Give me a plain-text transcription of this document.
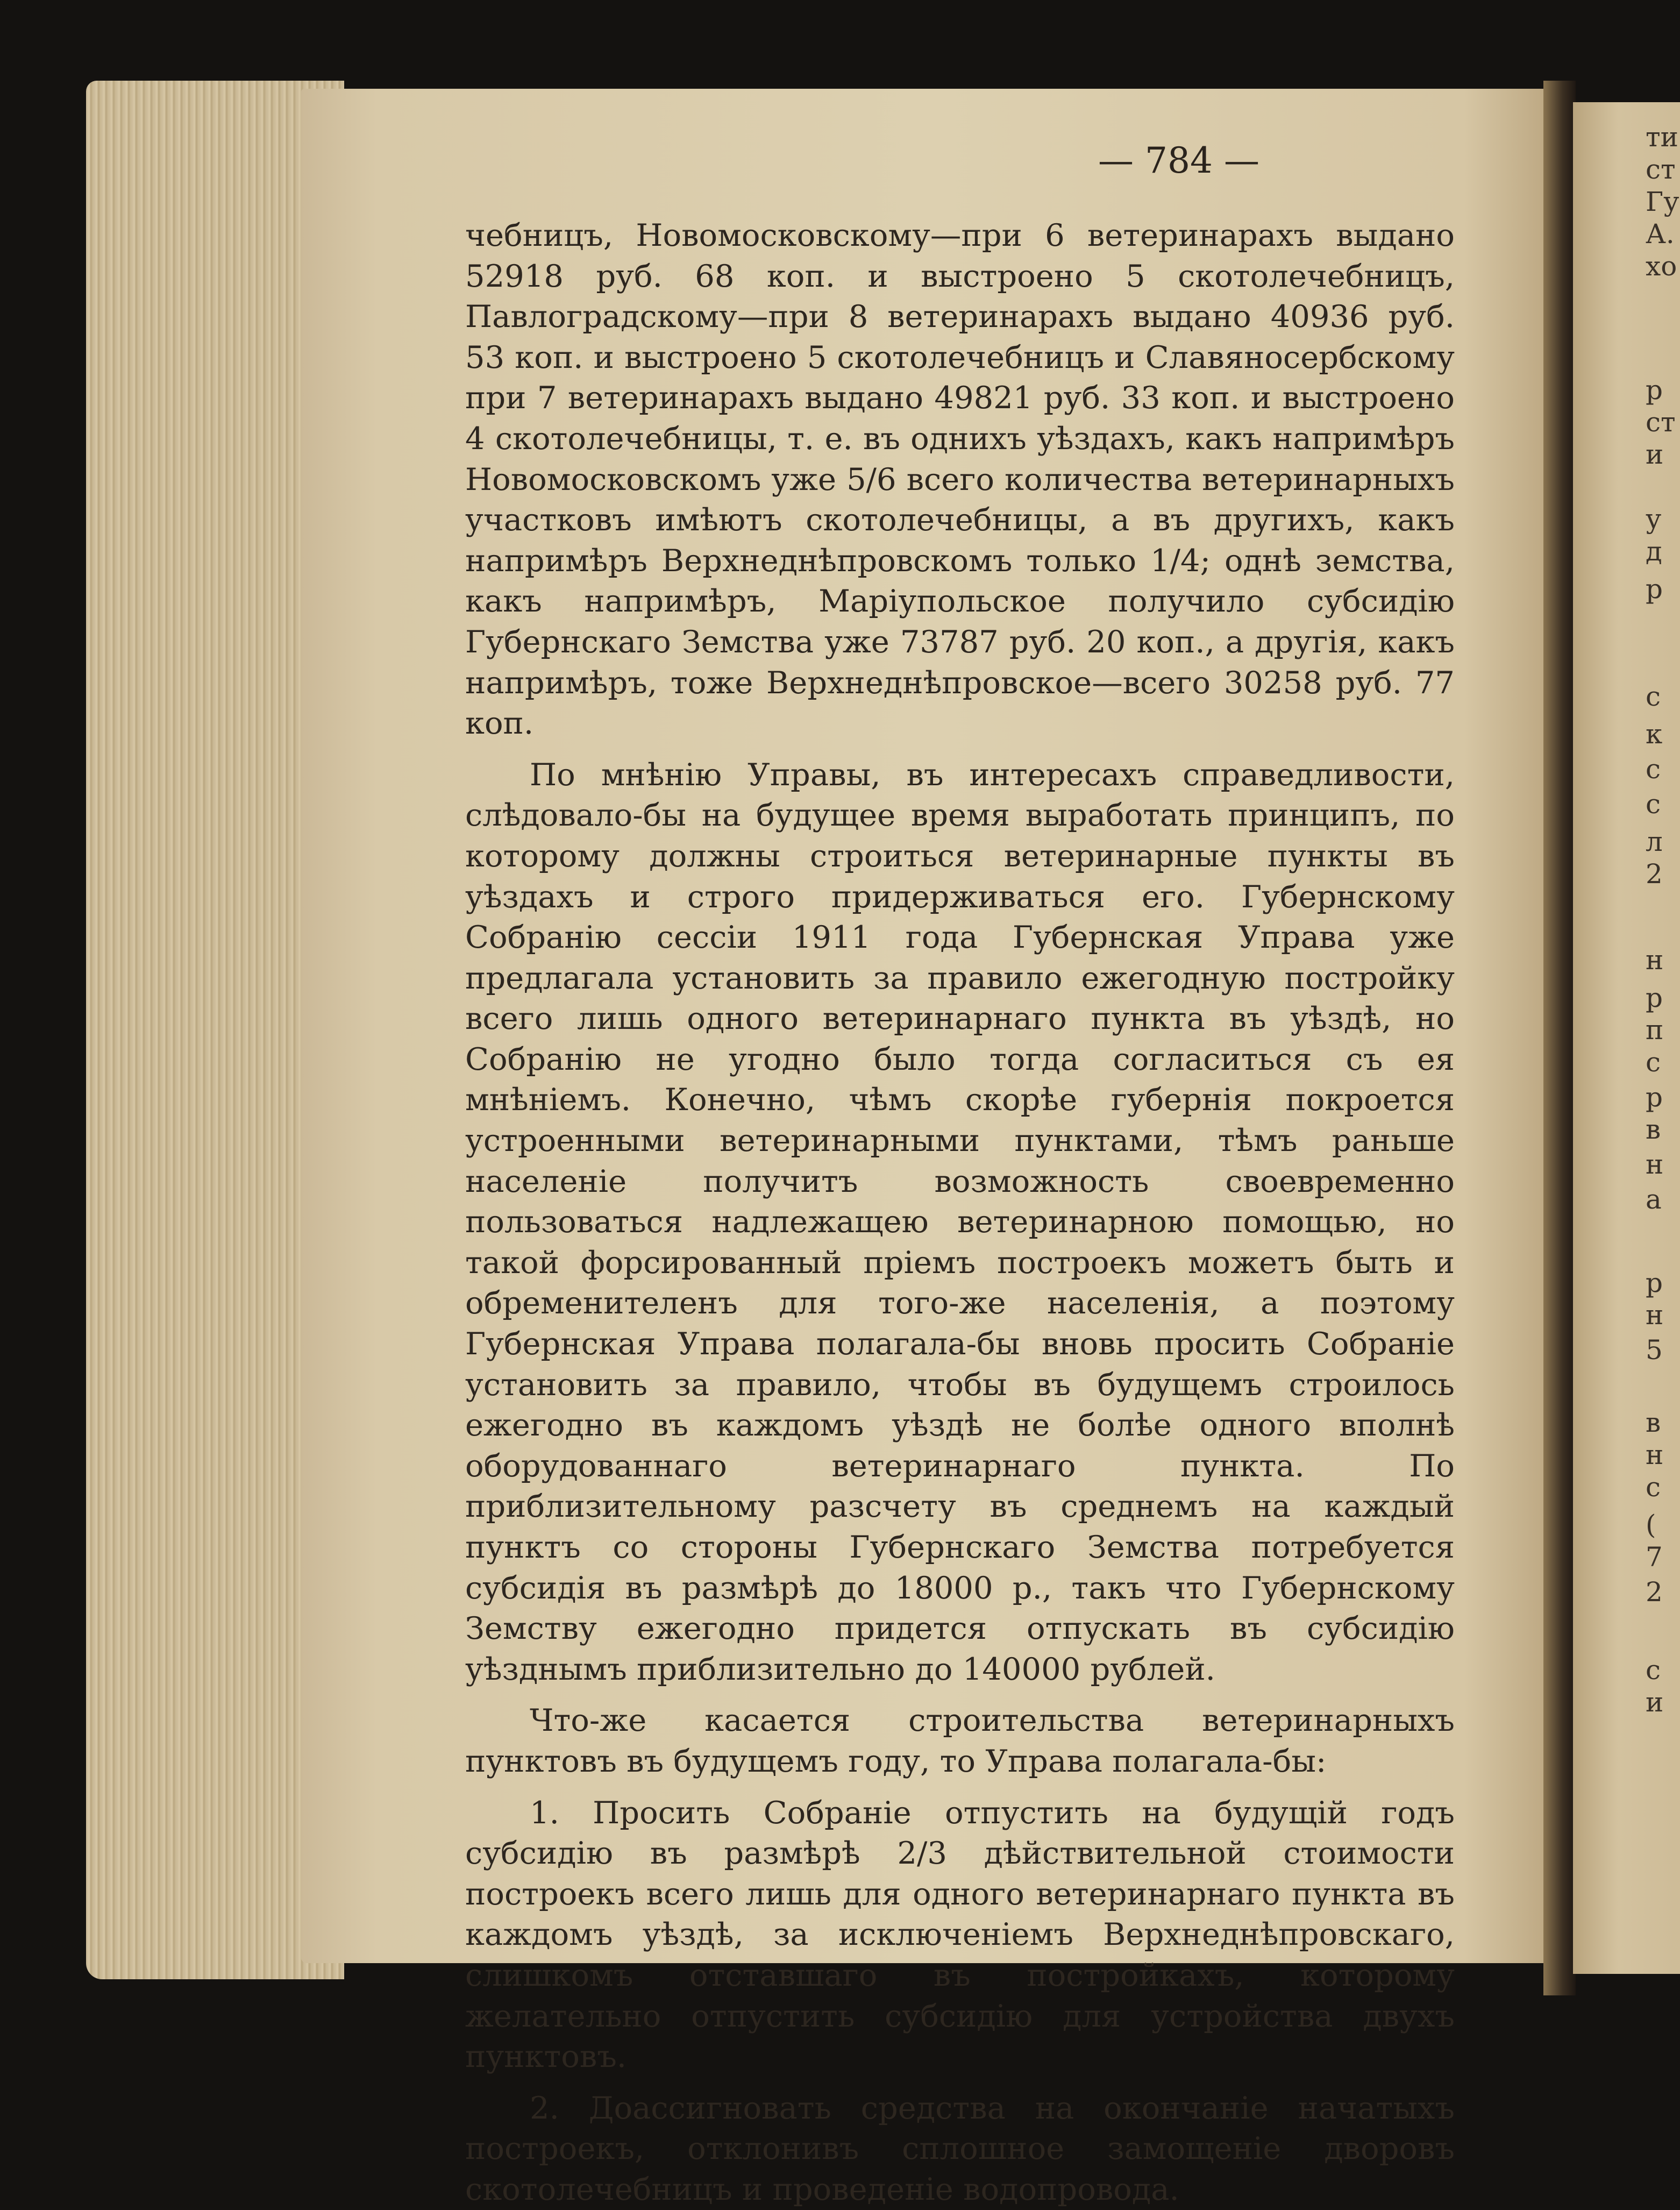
ти
ст
Гу
А.
хо
р
ст
и
у
д
р
с
к
с
с
л
2
н
р
п
с
р
в
н
а
р
н
5
в
н
с
(
7
2
с
и
— 784 —

чебницъ, Новомосковскому—при 6 ветеринарахъ выдано 52918 руб. 68 коп. и выстроено 5 скотолечебницъ, Павлоградскому—при 8 ветеринарахъ выдано 40936 руб. 53 коп. и выстроено 5 скотолечебницъ и Славяносербскому при 7 ветеринарахъ выдано 49821 руб. 33 коп. и выстроено 4 скотолечебницы, т. е. въ однихъ уѣздахъ, какъ напримѣръ Новомосковскомъ уже 5/6 всего количества ветеринарныхъ участковъ имѣютъ скотолечебницы, а въ другихъ, какъ напримѣръ Верхнеднѣпровскомъ только 1/4; однѣ земства, какъ напримѣръ, Маріупольское получило субсидію Губернскаго Земства уже 73787 руб. 20 коп., а другія, какъ напримѣръ, тоже Верхнеднѣпровское—всего 30258 руб. 77 коп.

По мнѣнію Управы, въ интересахъ справедливости, слѣдовало-бы на будущее время выработать принципъ, по которому должны строиться ветеринарные пункты въ уѣздахъ и строго придерживаться его. Губернскому Собранію сессіи 1911 года Губернская Управа уже предлагала установить за правило ежегодную постройку всего лишь одного ветеринарнаго пункта въ уѣздѣ, но Собранію не угодно было тогда согласиться съ ея мнѣніемъ. Конечно, чѣмъ скорѣе губернія покроется устроенными ветеринарными пунктами, тѣмъ раньше населеніе получитъ возможность своевременно пользоваться надлежащею ветеринарною помощью, но такой форсированный пріемъ построекъ можетъ быть и обременителенъ для того-же населенія, а поэтому Губернская Управа полагала-бы вновь просить Собраніе установить за правило, чтобы въ будущемъ строилось ежегодно въ каждомъ уѣздѣ не болѣе одного вполнѣ оборудованнаго ветеринарнаго пункта. По приблизительному разсчету въ среднемъ на каждый пунктъ со стороны Губернскаго Земства потребуется субсидія въ размѣрѣ до 18000 р., такъ что Губернскому Земству ежегодно придется отпускать въ субсидію уѣзднымъ приблизительно до 140000 рублей.

Что-же касается строительства ветеринарныхъ пунктовъ въ будущемъ году, то Управа полагала-бы:

1. Просить Собраніе отпустить на будущій годъ субсидію въ размѣрѣ 2/3 дѣйствительной стоимости построекъ всего лишь для одного ветеринарнаго пункта въ каждомъ уѣздѣ, за исключеніемъ Верхнеднѣпровскаго, слишкомъ отставшаго въ постройкахъ, которому желательно отпустить субсидію для устройства двухъ пунктовъ.

2. Доассигновать средства на окончаніе начатыхъ построекъ, отклонивъ сплошное замощеніе дворовъ скотолечебницъ и проведеніе водопровода.
